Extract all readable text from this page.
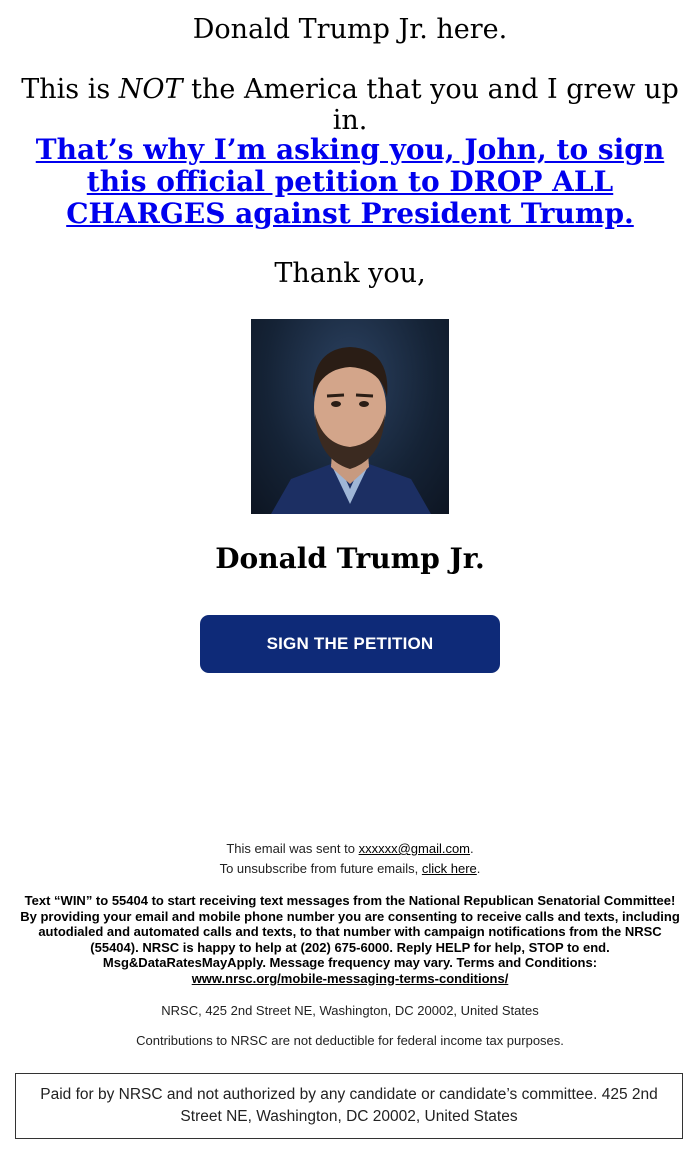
Donald Trump Jr. here.
This is NOT the America that you and I grew up in.
That’s why I’m asking you, John, to sign this official petition to DROP ALL CHARGES against President Trump.
Thank you,
Donald Trump Jr.
SIGN THE PETITION
This email was sent to xxxxxx@gmail.com.
To unsubscribe from future emails, click here.
Text “WIN” to 55404 to start receiving text messages from the National Republican Senatorial Committee! By providing your email and mobile phone number you are consenting to receive calls and texts, including autodialed and automated calls and texts, to that number with campaign notifications from the NRSC (55404). NRSC is happy to help at (202) 675-6000. Reply HELP for help, STOP to end. Msg&DataRatesMayApply. Message frequency may vary. Terms and Conditions:
www.nrsc.org/mobile-messaging-terms-conditions/
NRSC, 425 2nd Street NE, Washington, DC 20002, United States
Contributions to NRSC are not deductible for federal income tax purposes.
Paid for by NRSC and not authorized by any candidate or candidate’s committee. 425 2nd Street NE, Washington, DC 20002, United States
